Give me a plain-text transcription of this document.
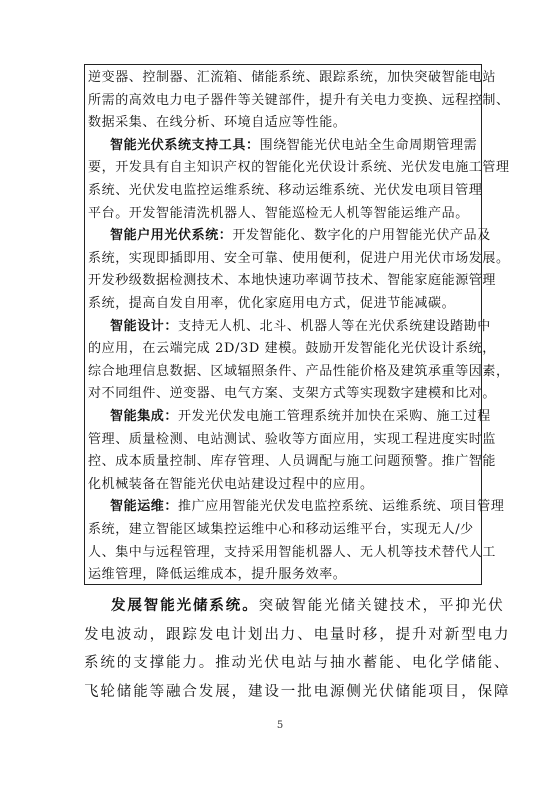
逆变器、控制器、汇流箱、储能系统、跟踪系统，加快突破智能电站
所需的高效电力电子器件等关键部件，提升有关电力变换、远程控制、
数据采集、在线分析、环境自适应等性能。
智能光伏系统支持工具：围绕智能光伏电站全生命周期管理需
要，开发具有自主知识产权的智能化光伏设计系统、光伏发电施工管理
系统、光伏发电监控运维系统、移动运维系统、光伏发电项目管理
平台。开发智能清洗机器人、智能巡检无人机等智能运维产品。
智能户用光伏系统：开发智能化、数字化的户用智能光伏产品及
系统，实现即插即用、安全可靠、使用便利，促进户用光伏市场发展。
开发秒级数据检测技术、本地快速功率调节技术、智能家庭能源管理
系统，提高自发自用率，优化家庭用电方式，促进节能减碳。
智能设计：支持无人机、北斗、机器人等在光伏系统建设踏勘中
的应用，在云端完成 2D/3D 建模。鼓励开发智能化光伏设计系统，
综合地理信息数据、区域辐照条件、产品性能价格及建筑承重等因素，
对不同组件、逆变器、电气方案、支架方式等实现数字建模和比对。
智能集成：开发光伏发电施工管理系统并加快在采购、施工过程
管理、质量检测、电站测试、验收等方面应用，实现工程进度实时监
控、成本质量控制、库存管理、人员调配与施工问题预警。推广智能
化机械装备在智能光伏电站建设过程中的应用。
智能运维：推广应用智能光伏发电监控系统、运维系统、项目管理
系统，建立智能区域集控运维中心和移动运维平台，实现无人/少
人、集中与远程管理，支持采用智能机器人、无人机等技术替代人工
运维管理，降低运维成本，提升服务效率。
发展智能光储系统。突破智能光储关键技术，平抑光伏
发电波动，跟踪发电计划出力、电量时移，提升对新型电力
系统的支撑能力。推动光伏电站与抽水蓄能、电化学储能、
飞轮储能等融合发展，建设一批电源侧光伏储能项目，保障
5
